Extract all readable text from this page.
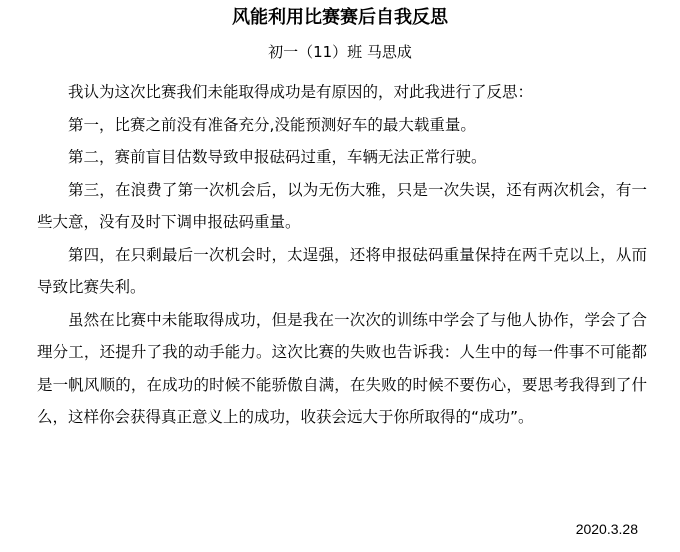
风能利用比赛赛后自我反思
初一（11）班 马思成

我认为这次比赛我们未能取得成功是有原因的，对此我进行了反思：

第一，比赛之前没有准备充分,没能预测好车的最大载重量。

第二，赛前盲目估数导致申报砝码过重，车辆无法正常行驶。

第三，在浪费了第一次机会后，以为无伤大雅，只是一次失误，还有两次机会，有一些大意，没有及时下调申报砝码重量。

第四，在只剩最后一次机会时，太逞强，还将申报砝码重量保持在两千克以上，从而导致比赛失利。

虽然在比赛中未能取得成功，但是我在一次次的训练中学会了与他人协作，学会了合理分工，还提升了我的动手能力。这次比赛的失败也告诉我：人生中的每一件事不可能都是一帆风顺的，在成功的时候不能骄傲自满，在失败的时候不要伤心，要思考我得到了什么，这样你会获得真正意义上的成功，收获会远大于你所取得的“成功”。

2020.3.28
